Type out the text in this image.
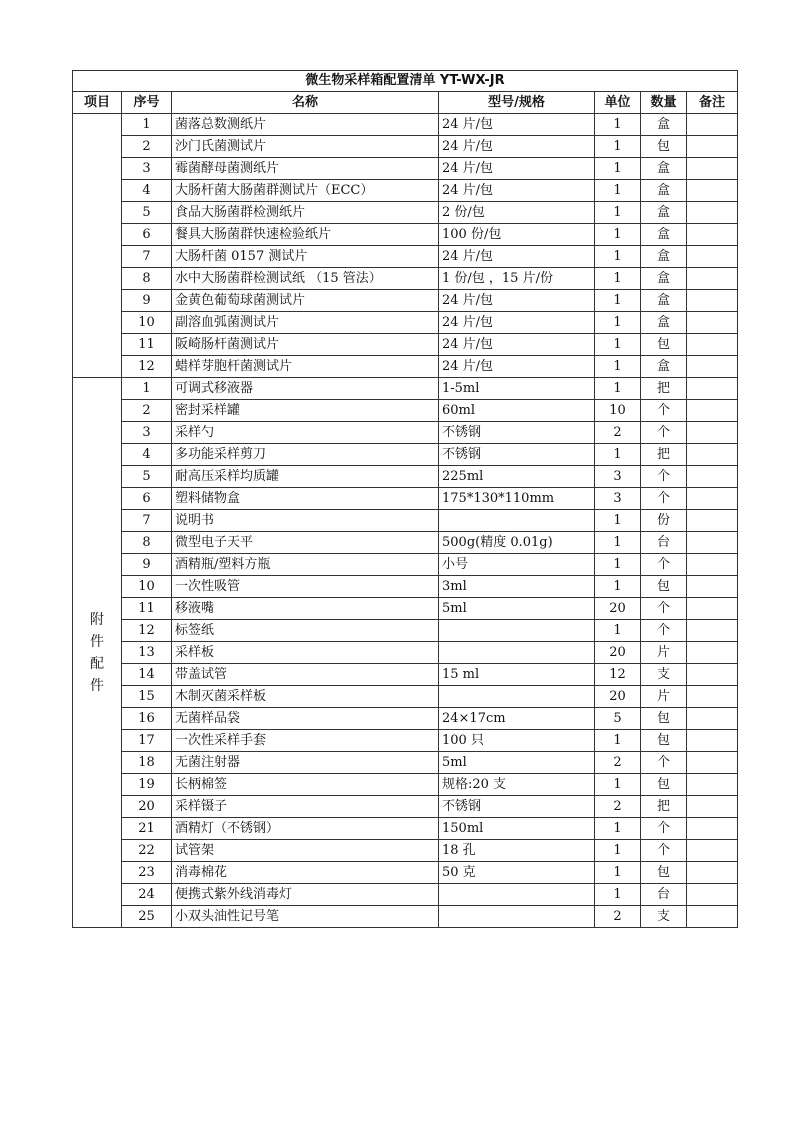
微生物采样箱配置清单 YT-WX-JR						
项目	序号	名称	型号/规格	单位	数量	备注

	1	菌落总数测纸片	24 片/包	1	盒	
	2	沙门氏菌测试片	24 片/包	1	包	
	3	霉菌酵母菌测纸片	24 片/包	1	盒	
	4	大肠杆菌大肠菌群测试片（ECC）	24 片/包	1	盒	
	5	食品大肠菌群检测纸片	2 份/包	1	盒	
	6	餐具大肠菌群快速检验纸片	100 份/包	1	盒	
	7	大肠杆菌 0157 测试片	24 片/包	1	盒	
	8	水中大肠菌群检测试纸 （15 管法）	1 份/包 ，15 片/份	1	盒	
	9	金黄色葡萄球菌测试片	24 片/包	1	盒	
	10	副溶血弧菌测试片	24 片/包	1	盒	
	11	阪崎肠杆菌测试片	24 片/包	1	包	
	12	蜡样芽胞杆菌测试片	24 片/包	1	盒	

附件配件	1	可调式移液器	1-5ml	1	把	
	2	密封采样罐	60ml	10	个	
	3	采样勺	不锈钢	2	个	
	4	多功能采样剪刀	不锈钢	1	把	
	5	耐高压采样均质罐	225ml	3	个	
	6	塑料储物盒	175*130*110mm	3	个	
	7	说明书		1	份	
	8	微型电子天平	500g(精度 0.01g)	1	台	
	9	酒精瓶/塑料方瓶	小号	1	个	
	10	一次性吸管	3ml	1	包	
	11	移液嘴	5ml	20	个	
	12	标签纸		1	个	
	13	采样板		20	片	
	14	带盖试管	15 ml	12	支	
	15	木制灭菌采样板		20	片	
	16	无菌样品袋	24×17cm	5	包	
	17	一次性采样手套	100 只	1	包	
	18	无菌注射器	5ml	2	个	
	19	长柄棉签	规格:20 支	1	包	
	20	采样镊子	不锈钢	2	把	
	21	酒精灯（不锈钢）	150ml	1	个	
	22	试管架	18 孔	1	个	
	23	消毒棉花	50 克	1	包	
	24	便携式紫外线消毒灯		1	台	
	25	小双头油性记号笔		2	支	
